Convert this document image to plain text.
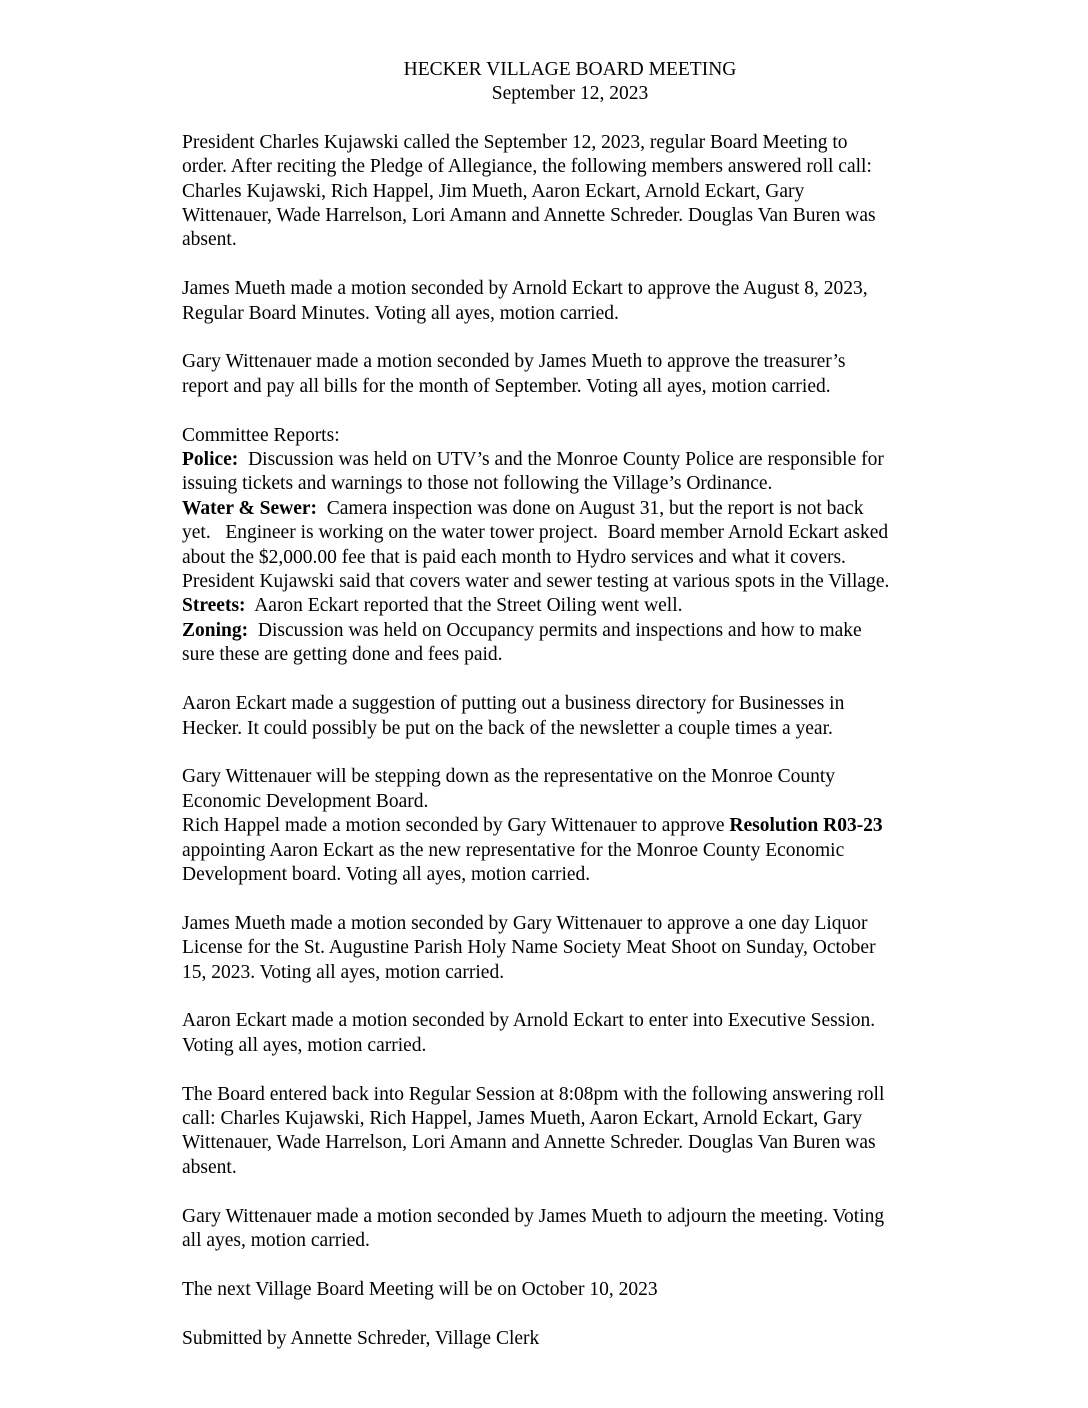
HECKER VILLAGE BOARD MEETING
September 12, 2023
President Charles Kujawski called the September 12, 2023, regular Board Meeting to
order. After reciting the Pledge of Allegiance, the following members answered roll call:
Charles Kujawski, Rich Happel, Jim Mueth, Aaron Eckart, Arnold Eckart, Gary
Wittenauer, Wade Harrelson, Lori Amann and Annette Schreder. Douglas Van Buren was
absent.
James Mueth made a motion seconded by Arnold Eckart to approve the August 8, 2023,
Regular Board Minutes. Voting all ayes, motion carried.
Gary Wittenauer made a motion seconded by James Mueth to approve the treasurer’s
report and pay all bills for the month of September. Voting all ayes, motion carried.
Committee Reports:
Police:  Discussion was held on UTV’s and the Monroe County Police are responsible for
issuing tickets and warnings to those not following the Village’s Ordinance.
Water & Sewer:  Camera inspection was done on August 31, but the report is not back
yet.   Engineer is working on the water tower project.  Board member Arnold Eckart asked
about the $2,000.00 fee that is paid each month to Hydro services and what it covers.
President Kujawski said that covers water and sewer testing at various spots in the Village.
Streets:  Aaron Eckart reported that the Street Oiling went well.
Zoning:  Discussion was held on Occupancy permits and inspections and how to make
sure these are getting done and fees paid.
Aaron Eckart made a suggestion of putting out a business directory for Businesses in
Hecker. It could possibly be put on the back of the newsletter a couple times a year.
Gary Wittenauer will be stepping down as the representative on the Monroe County
Economic Development Board.
Rich Happel made a motion seconded by Gary Wittenauer to approve Resolution R03-23
appointing Aaron Eckart as the new representative for the Monroe County Economic
Development board. Voting all ayes, motion carried.
James Mueth made a motion seconded by Gary Wittenauer to approve a one day Liquor
License for the St. Augustine Parish Holy Name Society Meat Shoot on Sunday, October
15, 2023. Voting all ayes, motion carried.
Aaron Eckart made a motion seconded by Arnold Eckart to enter into Executive Session.
Voting all ayes, motion carried.
The Board entered back into Regular Session at 8:08pm with the following answering roll
call: Charles Kujawski, Rich Happel, James Mueth, Aaron Eckart, Arnold Eckart, Gary
Wittenauer, Wade Harrelson, Lori Amann and Annette Schreder. Douglas Van Buren was
absent.
Gary Wittenauer made a motion seconded by James Mueth to adjourn the meeting. Voting
all ayes, motion carried.
The next Village Board Meeting will be on October 10, 2023
Submitted by Annette Schreder, Village Clerk
